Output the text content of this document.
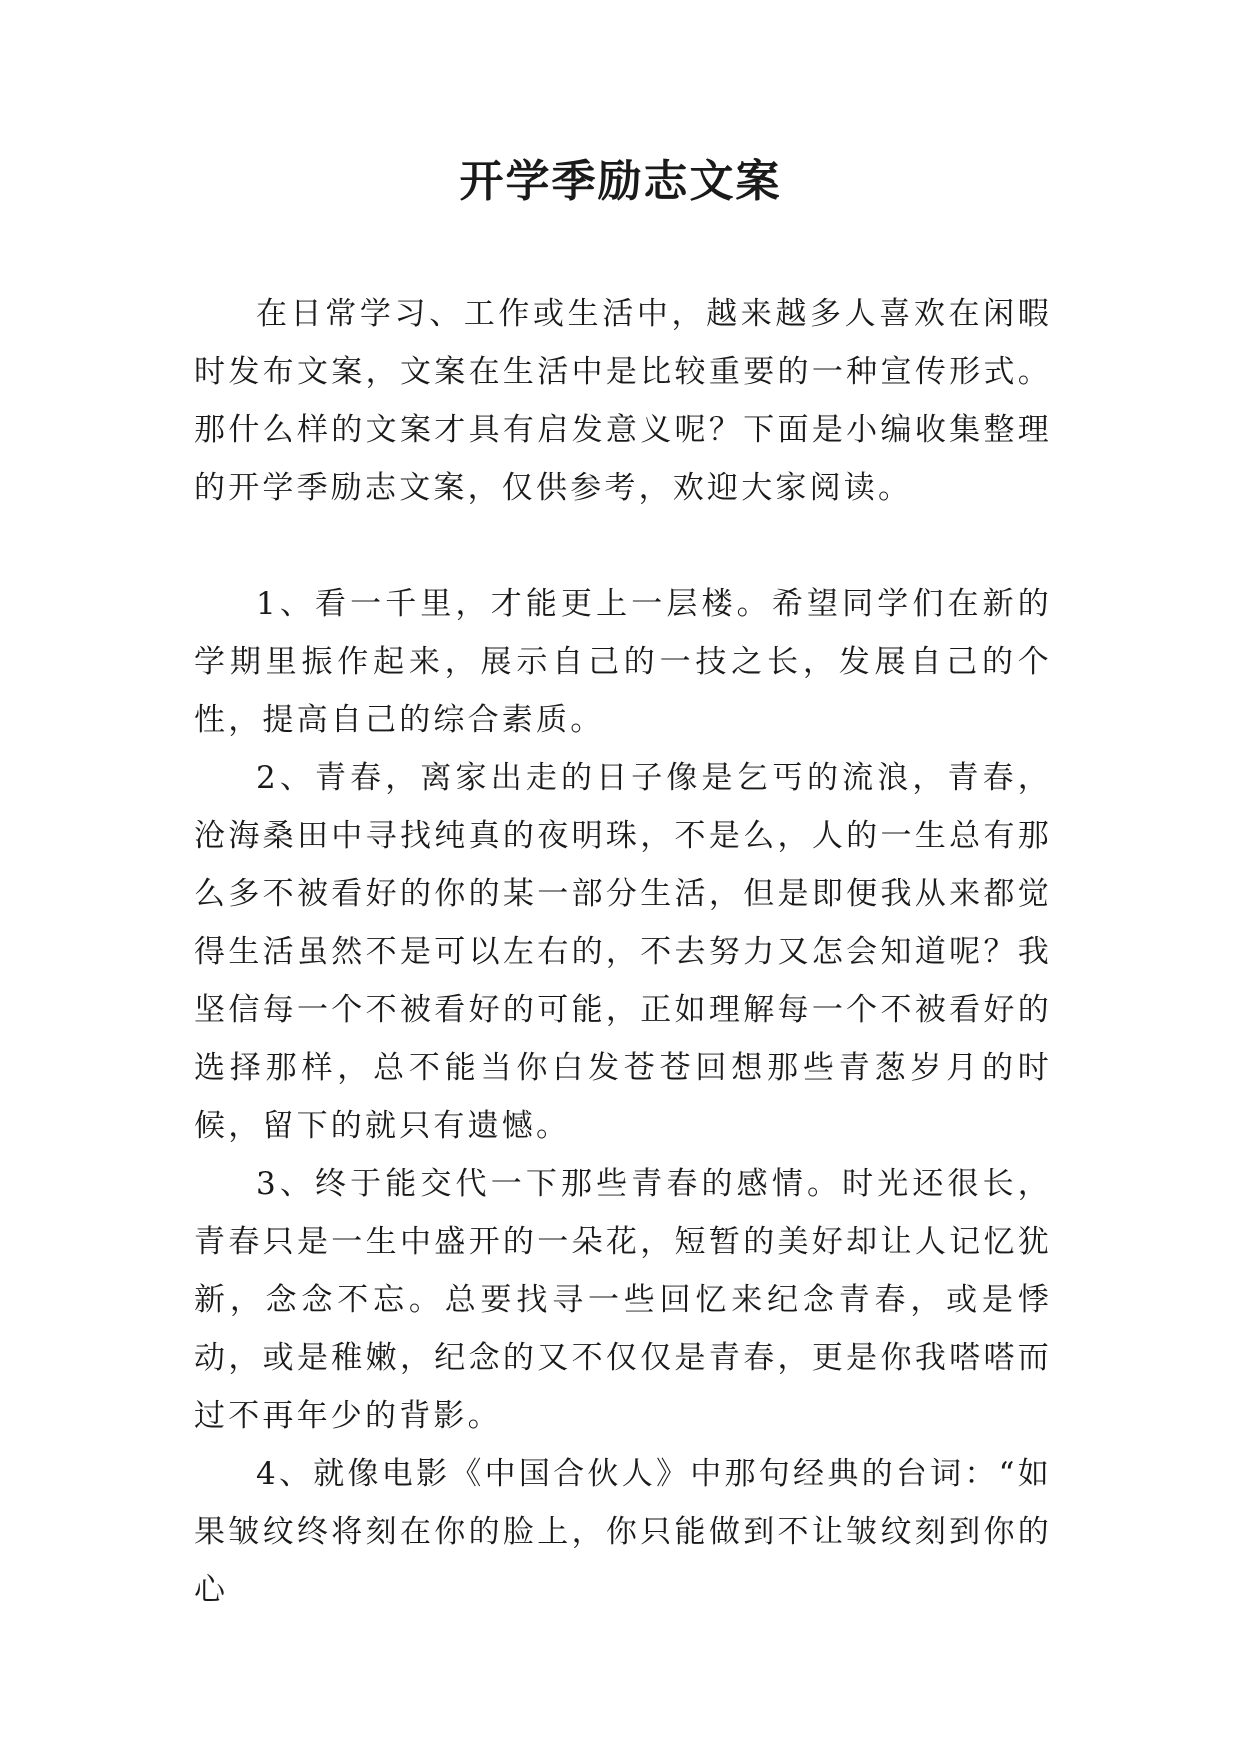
开学季励志文案

在日常学习、工作或生活中，越来越多人喜欢在闲暇时发布文案，文案在生活中是比较重要的一种宣传形式。那什么样的文案才具有启发意义呢？下面是小编收集整理的开学季励志文案，仅供参考，欢迎大家阅读。

1、看一千里，才能更上一层楼。希望同学们在新的学期里振作起来，展示自己的一技之长，发展自己的个性，提高自己的综合素质。

2、青春，离家出走的日子像是乞丐的流浪，青春，沧海桑田中寻找纯真的夜明珠，不是么，人的一生总有那么多不被看好的你的某一部分生活，但是即便我从来都觉得生活虽然不是可以左右的，不去努力又怎会知道呢？我坚信每一个不被看好的可能，正如理解每一个不被看好的选择那样，总不能当你白发苍苍回想那些青葱岁月的时候，留下的就只有遗憾。

3、终于能交代一下那些青春的感情。时光还很长，青春只是一生中盛开的一朵花，短暂的美好却让人记忆犹新，念念不忘。总要找寻一些回忆来纪念青春，或是悸动，或是稚嫩，纪念的又不仅仅是青春，更是你我嗒嗒而过不再年少的背影。

4、就像电影《中国合伙人》中那句经典的台词：“如果皱纹终将刻在你的脸上，你只能做到不让皱纹刻到你的心
